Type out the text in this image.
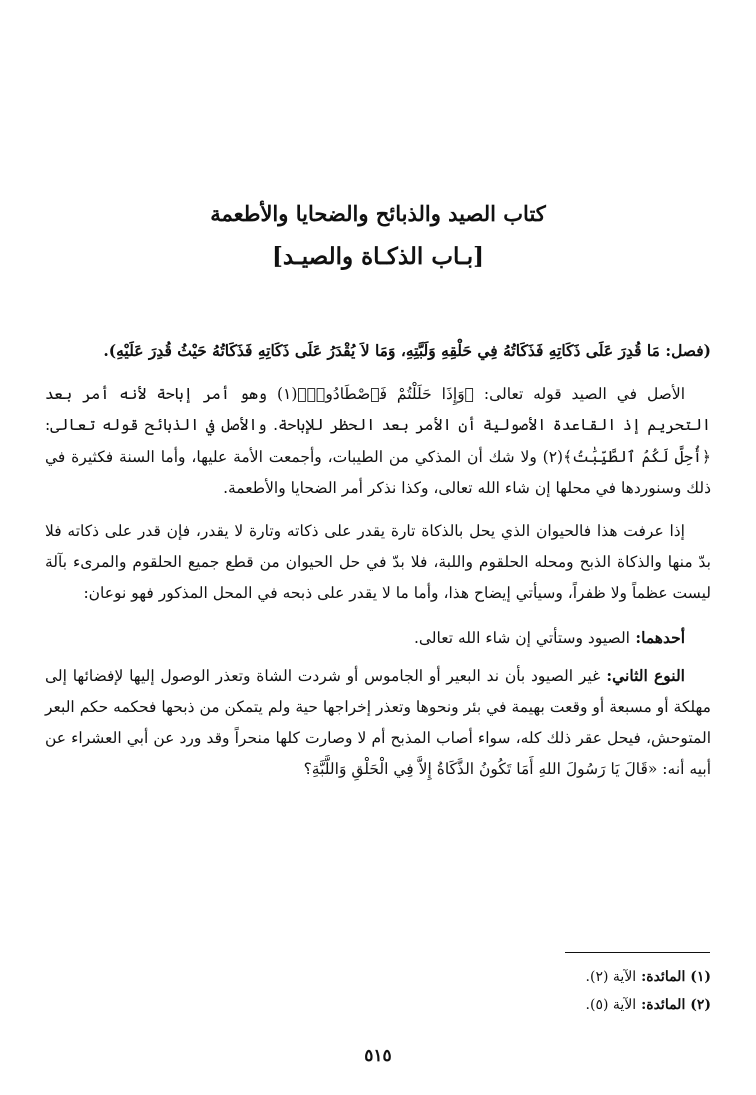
كتاب الصيد والذبائح والضحايا والأطعمة

[بـاب الذكـاة والصيـد]

(فصل: مَا قُدِرَ عَلَى ذَكَاتِهِ فَذَكَاتُهُ فِي حَلْقِهِ وَلَبَّتِهِ، وَمَا لاَ يُقْدَرُ عَلَى ذَكَاتِهِ فَذَكَاتُهُ حَيْثُ قُدِرَ عَلَيْهِ).

الأصل في الصيد قوله تعالى: ﴿وَإِذَا حَلَلْتُمْ فَٱصْطَادُوا۟﴾(١) وهو أمر إباحة لأنه أمر بعد التحريم إذ القاعدة الأصولية أن الأمر بعد الحظر للإباحة. والأصل في الذبائح قوله تعالى: ﴿أُحِلَّ لَكُمُ ٱلطَّيِّبَٰتُ﴾(٢) ولا شك أن المذكي من الطيبات، وأجمعت الأمة عليها، وأما السنة فكثيرة في ذلك وسنوردها في محلها إن شاء الله تعالى، وكذا نذكر أمر الضحايا والأطعمة.

إذا عرفت هذا فالحيوان الذي يحل بالذكاة تارة يقدر على ذكاته وتارة لا يقدر، فإن قدر على ذكاته فلا بدّ منها والذكاة الذبح ومحله الحلقوم واللبة، فلا بدّ في حل الحيوان من قطع جميع الحلقوم والمرىء بآلة ليست عظماً ولا ظفراً، وسيأتي إيضاح هذا، وأما ما لا يقدر على ذبحه في المحل المذكور فهو نوعان:

أحدهما: الصيود وستأتي إن شاء الله تعالى.

النوع الثاني: غير الصيود بأن ند البعير أو الجاموس أو شردت الشاة وتعذر الوصول إليها لإفضائها إلى مهلكة أو مسبعة أو وقعت بهيمة في بئر ونحوها وتعذر إخراجها حية ولم يتمكن من ذبحها فحكمه حكم البعر المتوحش، فيحل عقر ذلك كله، سواء أصاب المذبح أم لا وصارت كلها منحراً وقد ورد عن أبي العشراء عن أبيه أنه: «قَالَ يَا رَسُولَ اللهِ أَمَا تَكُونُ الذَّكَاةُ إِلاَّ فِي الْحَلْقِ وَاللَّبَّةِ؟

(١) المائدة: الآية (٢).

(٢) المائدة: الآية (٥).

٥١٥
